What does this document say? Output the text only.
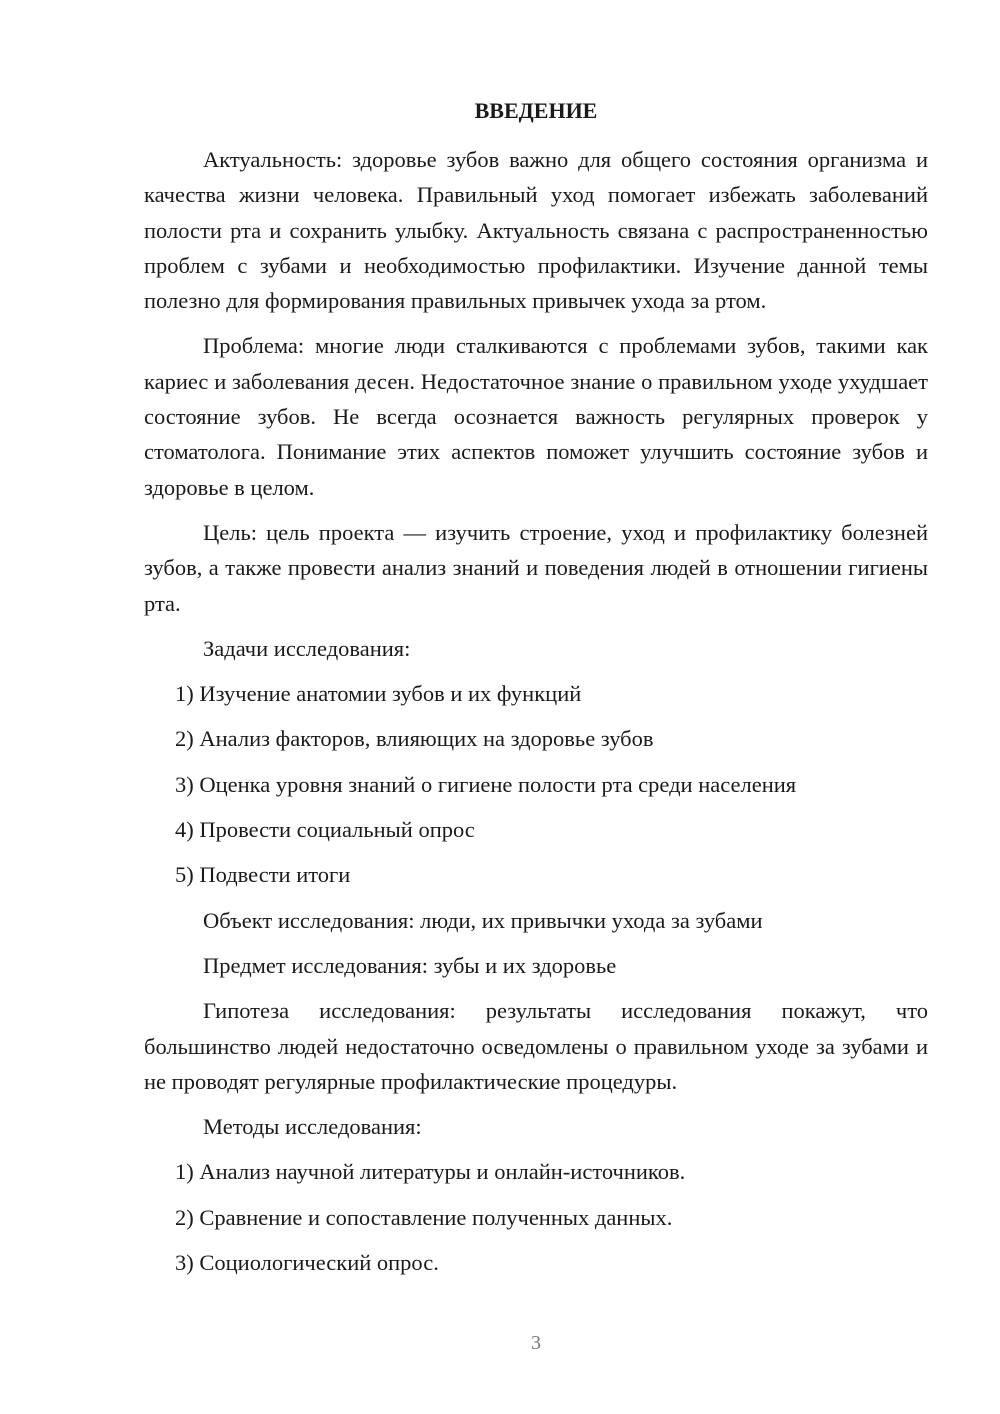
ВВЕДЕНИЕ

Актуальность: здоровье зубов важно для общего состояния организма и качества жизни человека. Правильный уход помогает избежать заболеваний полости рта и сохранить улыбку. Актуальность связана с распространенностью проблем с зубами и необходимостью профилактики. Изучение данной темы полезно для формирования правильных привычек ухода за ртом.

Проблема: многие люди сталкиваются с проблемами зубов, такими как кариес и заболевания десен. Недостаточное знание о правильном уходе ухудшает состояние зубов. Не всегда осознается важность регулярных проверок у стоматолога. Понимание этих аспектов поможет улучшить состояние зубов и здоровье в целом.

Цель: цель проекта — изучить строение, уход и профилактику болезней зубов, а также провести анализ знаний и поведения людей в отношении гигиены рта.

Задачи исследования:

1) Изучение анатомии зубов и их функций

2) Анализ факторов, влияющих на здоровье зубов

3) Оценка уровня знаний о гигиене полости рта среди населения

4) Провести социальный опрос

5) Подвести итоги

Объект исследования: люди, их привычки ухода за зубами

Предмет исследования: зубы и их здоровье

Гипотеза исследования: результаты исследования покажут, что большинство людей недостаточно осведомлены о правильном уходе за зубами и не проводят регулярные профилактические процедуры.

Методы исследования:

1) Анализ научной литературы и онлайн-источников.

2) Сравнение и сопоставление полученных данных.

3) Социологический опрос.

3
